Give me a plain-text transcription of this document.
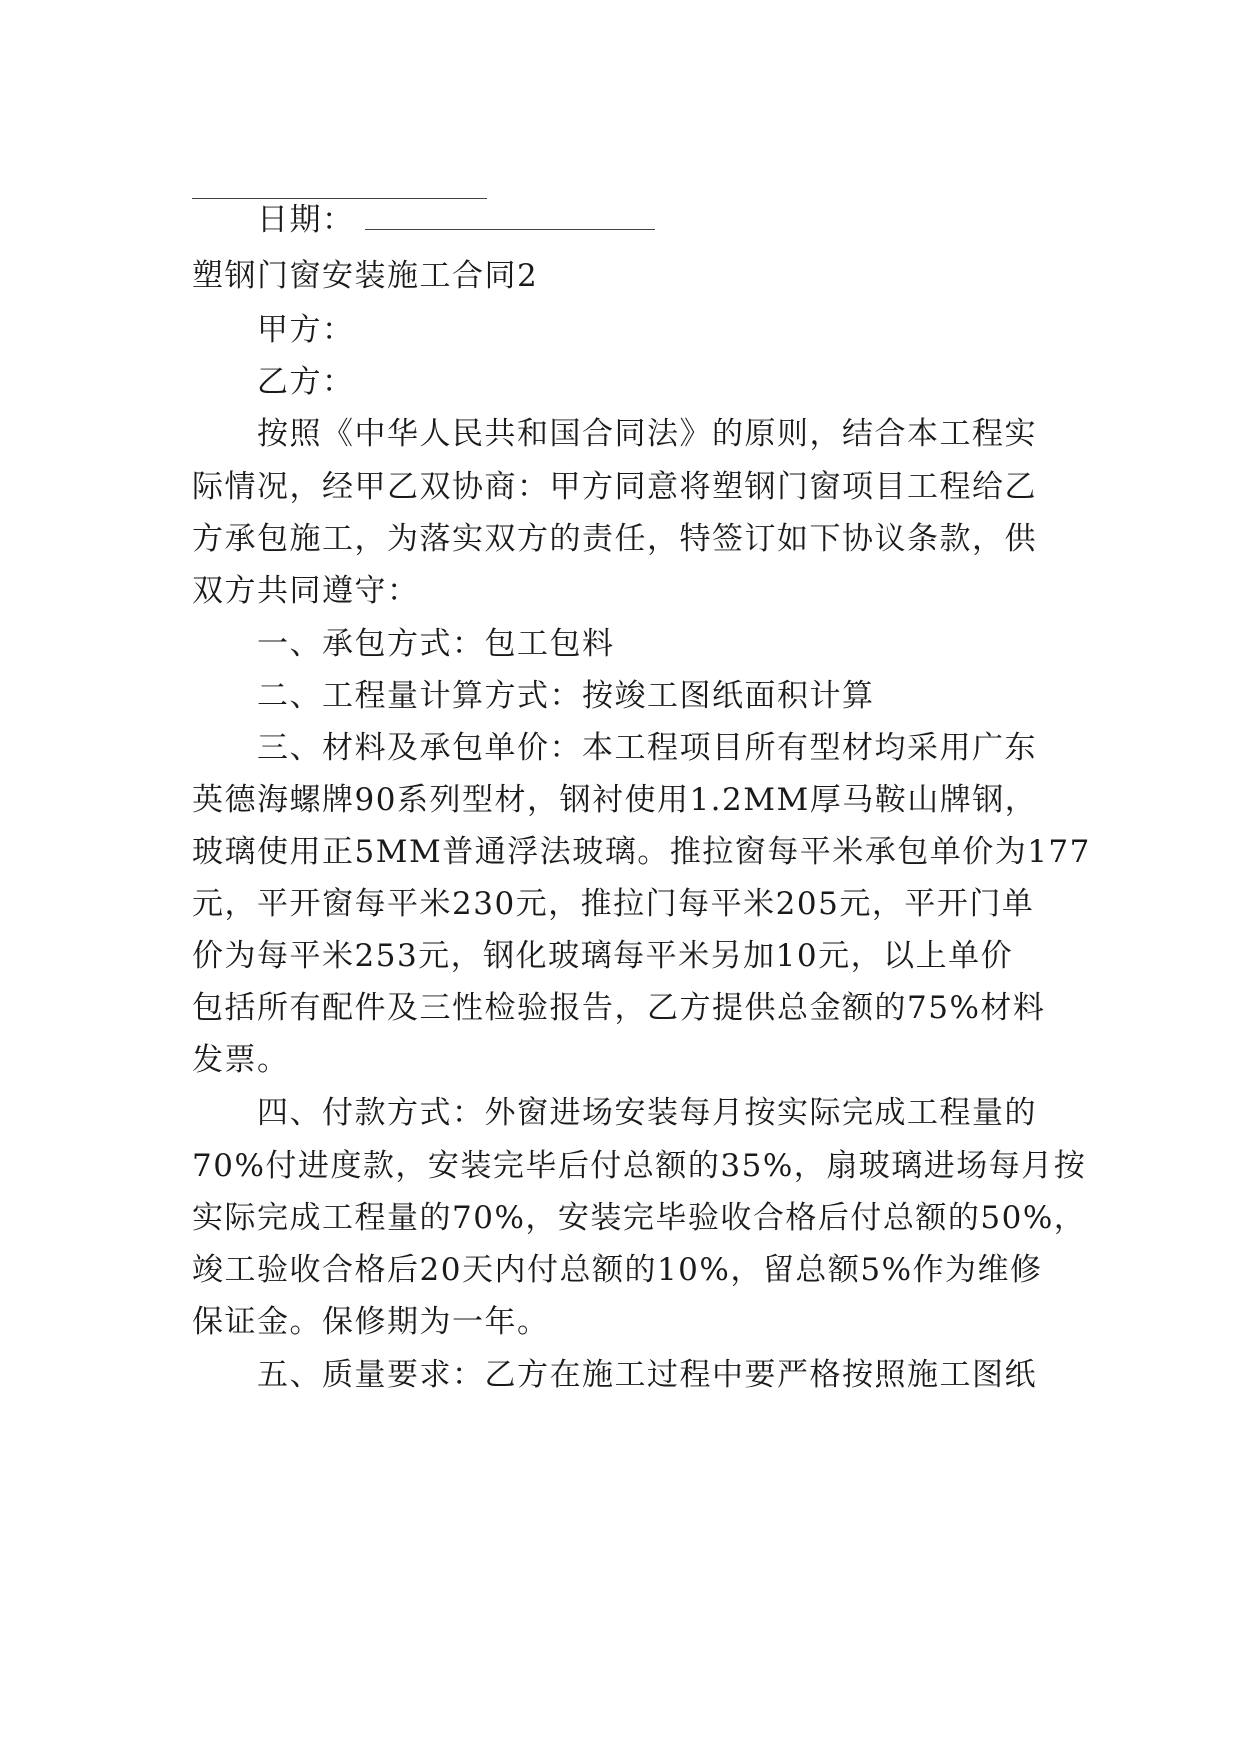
日期：
塑钢门窗安装施工合同2
甲方：
乙方：
按照《中华人民共和国合同法》的原则，结合本工程实
际情况，经甲乙双协商：甲方同意将塑钢门窗项目工程给乙
方承包施工，为落实双方的责任，特签订如下协议条款，供
双方共同遵守：
一、承包方式：包工包料
二、工程量计算方式：按竣工图纸面积计算
三、材料及承包单价：本工程项目所有型材均采用广东
英德海螺牌90系列型材，钢衬使用1.2MM厚马鞍山牌钢，
玻璃使用正5MM普通浮法玻璃。推拉窗每平米承包单价为177
元，平开窗每平米230元，推拉门每平米205元，平开门单
价为每平米253元，钢化玻璃每平米另加10元，以上单价
包括所有配件及三性检验报告，乙方提供总金额的75%材料
发票。
四、付款方式：外窗进场安装每月按实际完成工程量的
70%付进度款，安装完毕后付总额的35%，扇玻璃进场每月按
实际完成工程量的70%，安装完毕验收合格后付总额的50%，
竣工验收合格后20天内付总额的10%，留总额5%作为维修
保证金。保修期为一年。
五、质量要求：乙方在施工过程中要严格按照施工图纸
